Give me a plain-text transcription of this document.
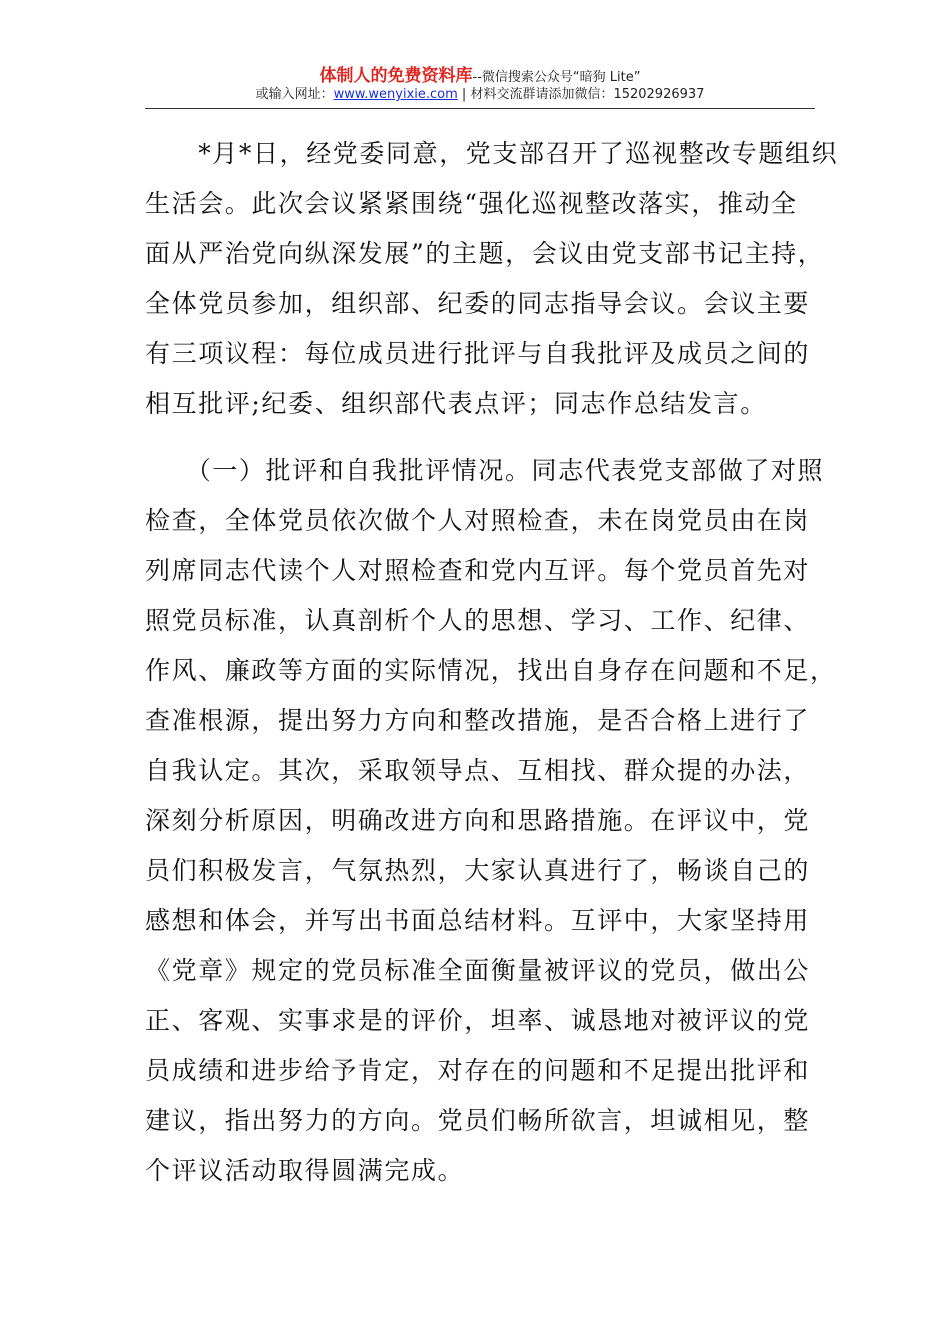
体制人的免费资料库--微信搜索公众号“暗狗 Lite”
或输入网址：www.wenyixie.com | 材料交流群请添加微信：15202926937
　　*月*日，经党委同意，党支部召开了巡视整改专题组织
生活会。此次会议紧紧围绕“强化巡视整改落实，推动全
面从严治党向纵深发展”的主题，会议由党支部书记主持，
全体党员参加，组织部、纪委的同志指导会议。会议主要
有三项议程：每位成员进行批评与自我批评及成员之间的
相互批评;纪委、组织部代表点评；同志作总结发言。
　　（一）批评和自我批评情况。同志代表党支部做了对照
检查，全体党员依次做个人对照检查，未在岗党员由在岗
列席同志代读个人对照检查和党内互评。每个党员首先对
照党员标准，认真剖析个人的思想、学习、工作、纪律、
作风、廉政等方面的实际情况，找出自身存在问题和不足，
查准根源，提出努力方向和整改措施，是否合格上进行了
自我认定。其次，采取领导点、互相找、群众提的办法，
深刻分析原因，明确改进方向和思路措施。在评议中，党
员们积极发言，气氛热烈，大家认真进行了，畅谈自己的
感想和体会，并写出书面总结材料。互评中，大家坚持用
《党章》规定的党员标准全面衡量被评议的党员，做出公
正、客观、实事求是的评价，坦率、诚恳地对被评议的党
员成绩和进步给予肯定，对存在的问题和不足提出批评和
建议，指出努力的方向。党员们畅所欲言，坦诚相见，整
个评议活动取得圆满完成。
